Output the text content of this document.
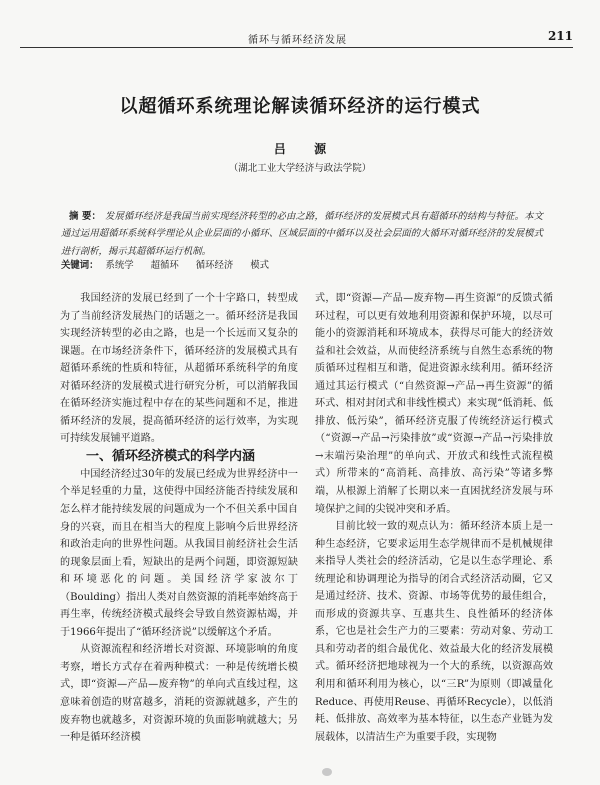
循环与循环经济发展	211
以超循环系统理论解读循环经济的运行模式
吕 源
（湖北工业大学经济与政法学院）
摘 要： 发展循环经济是我国当前实现经济转型的必由之路，循环经济的发展模式具有超循环的结构与特征。本文通过运用超循环系统科学理论从企业层面的小循环、区域层面的中循环以及社会层面的大循环对循环经济的发展模式进行剖析，揭示其超循环运行机制。
关键词： 系统学 超循环 循环经济 模式

我国经济的发展已经到了一个十字路口，转型成为了当前经济发展热门的话题之一。循环经济是我国实现经济转型的必由之路，也是一个长远而又复杂的课题。在市场经济条件下，循环经济的发展模式具有超循环系统的性质和特征，从超循环系统科学的角度对循环经济的发展模式进行研究分析，可以消解我国在循环经济实施过程中存在的某些问题和不足，推进循环经济的发展，提高循环经济的运行效率，为实现可持续发展铺平道路。

一、循环经济模式的科学内涵

中国经济经过30年的发展已经成为世界经济中一个举足轻重的力量，这使得中国经济能否持续发展和怎么样才能持续发展的问题成为一个不但关系中国自身的兴衰，而且在相当大的程度上影响今后世界经济和政治走向的世界性问题。从我国目前经济社会生活的现象层面上看，短缺出的是两个问题，即资源短缺和环境恶化的问题。美国经济学家波尔丁（Boulding）指出人类对自然资源的消耗率始终高于再生率，传统经济模式最终会导致自然资源枯竭，并于1966年提出了“循环经济说”以缓解这个矛盾。

从资源流程和经济增长对资源、环境影响的角度考察，增长方式存在着两种模式：一种是传统增长模式，即“资源—产品—废弃物”的单向式直线过程，这意味着创造的财富越多，消耗的资源就越多，产生的废弃物也就越多，对资源环境的负面影响就越大；另一种是循环经济模

式，即“资源—产品—废弃物—再生资源”的反馈式循环过程，可以更有效地利用资源和保护环境，以尽可能小的资源消耗和环境成本，获得尽可能大的经济效益和社会效益，从而使经济系统与自然生态系统的物质循环过程相互和谐，促进资源永续利用。循环经济通过其运行模式（“自然资源→产品→再生资源”的循环式、相对封闭式和非线性模式）来实现“低消耗、低排放、低污染”，循环经济克服了传统经济运行模式（“资源→产品→污染排放”或“资源→产品→污染排放→末端污染治理”的单向式、开放式和线性式流程模式）所带来的“高消耗、高排放、高污染”等诸多弊端，从根源上消解了长期以来一直困扰经济发展与环境保护之间的尖锐冲突和矛盾。

目前比较一致的观点认为：循环经济本质上是一种生态经济，它要求运用生态学规律而不是机械规律来指导人类社会的经济活动，它是以生态学理论、系统理论和协调理论为指导的闭合式经济活动圈，它又是通过经济、技术、资源、市场等优势的最佳组合，而形成的资源共享、互惠共生、良性循环的经济体系，它也是社会生产力的三要素：劳动对象、劳动工具和劳动者的组合最优化、效益最大化的经济发展模式。循环经济把地球视为一个大的系统，以资源高效利用和循环利用为核心，以“三R”为原则（即减量化Reduce、再使用Reuse、再循环Recycle），以低消耗、低排放、高效率为基本特征，以生态产业链为发展载体，以清洁生产为重要手段，实现物
